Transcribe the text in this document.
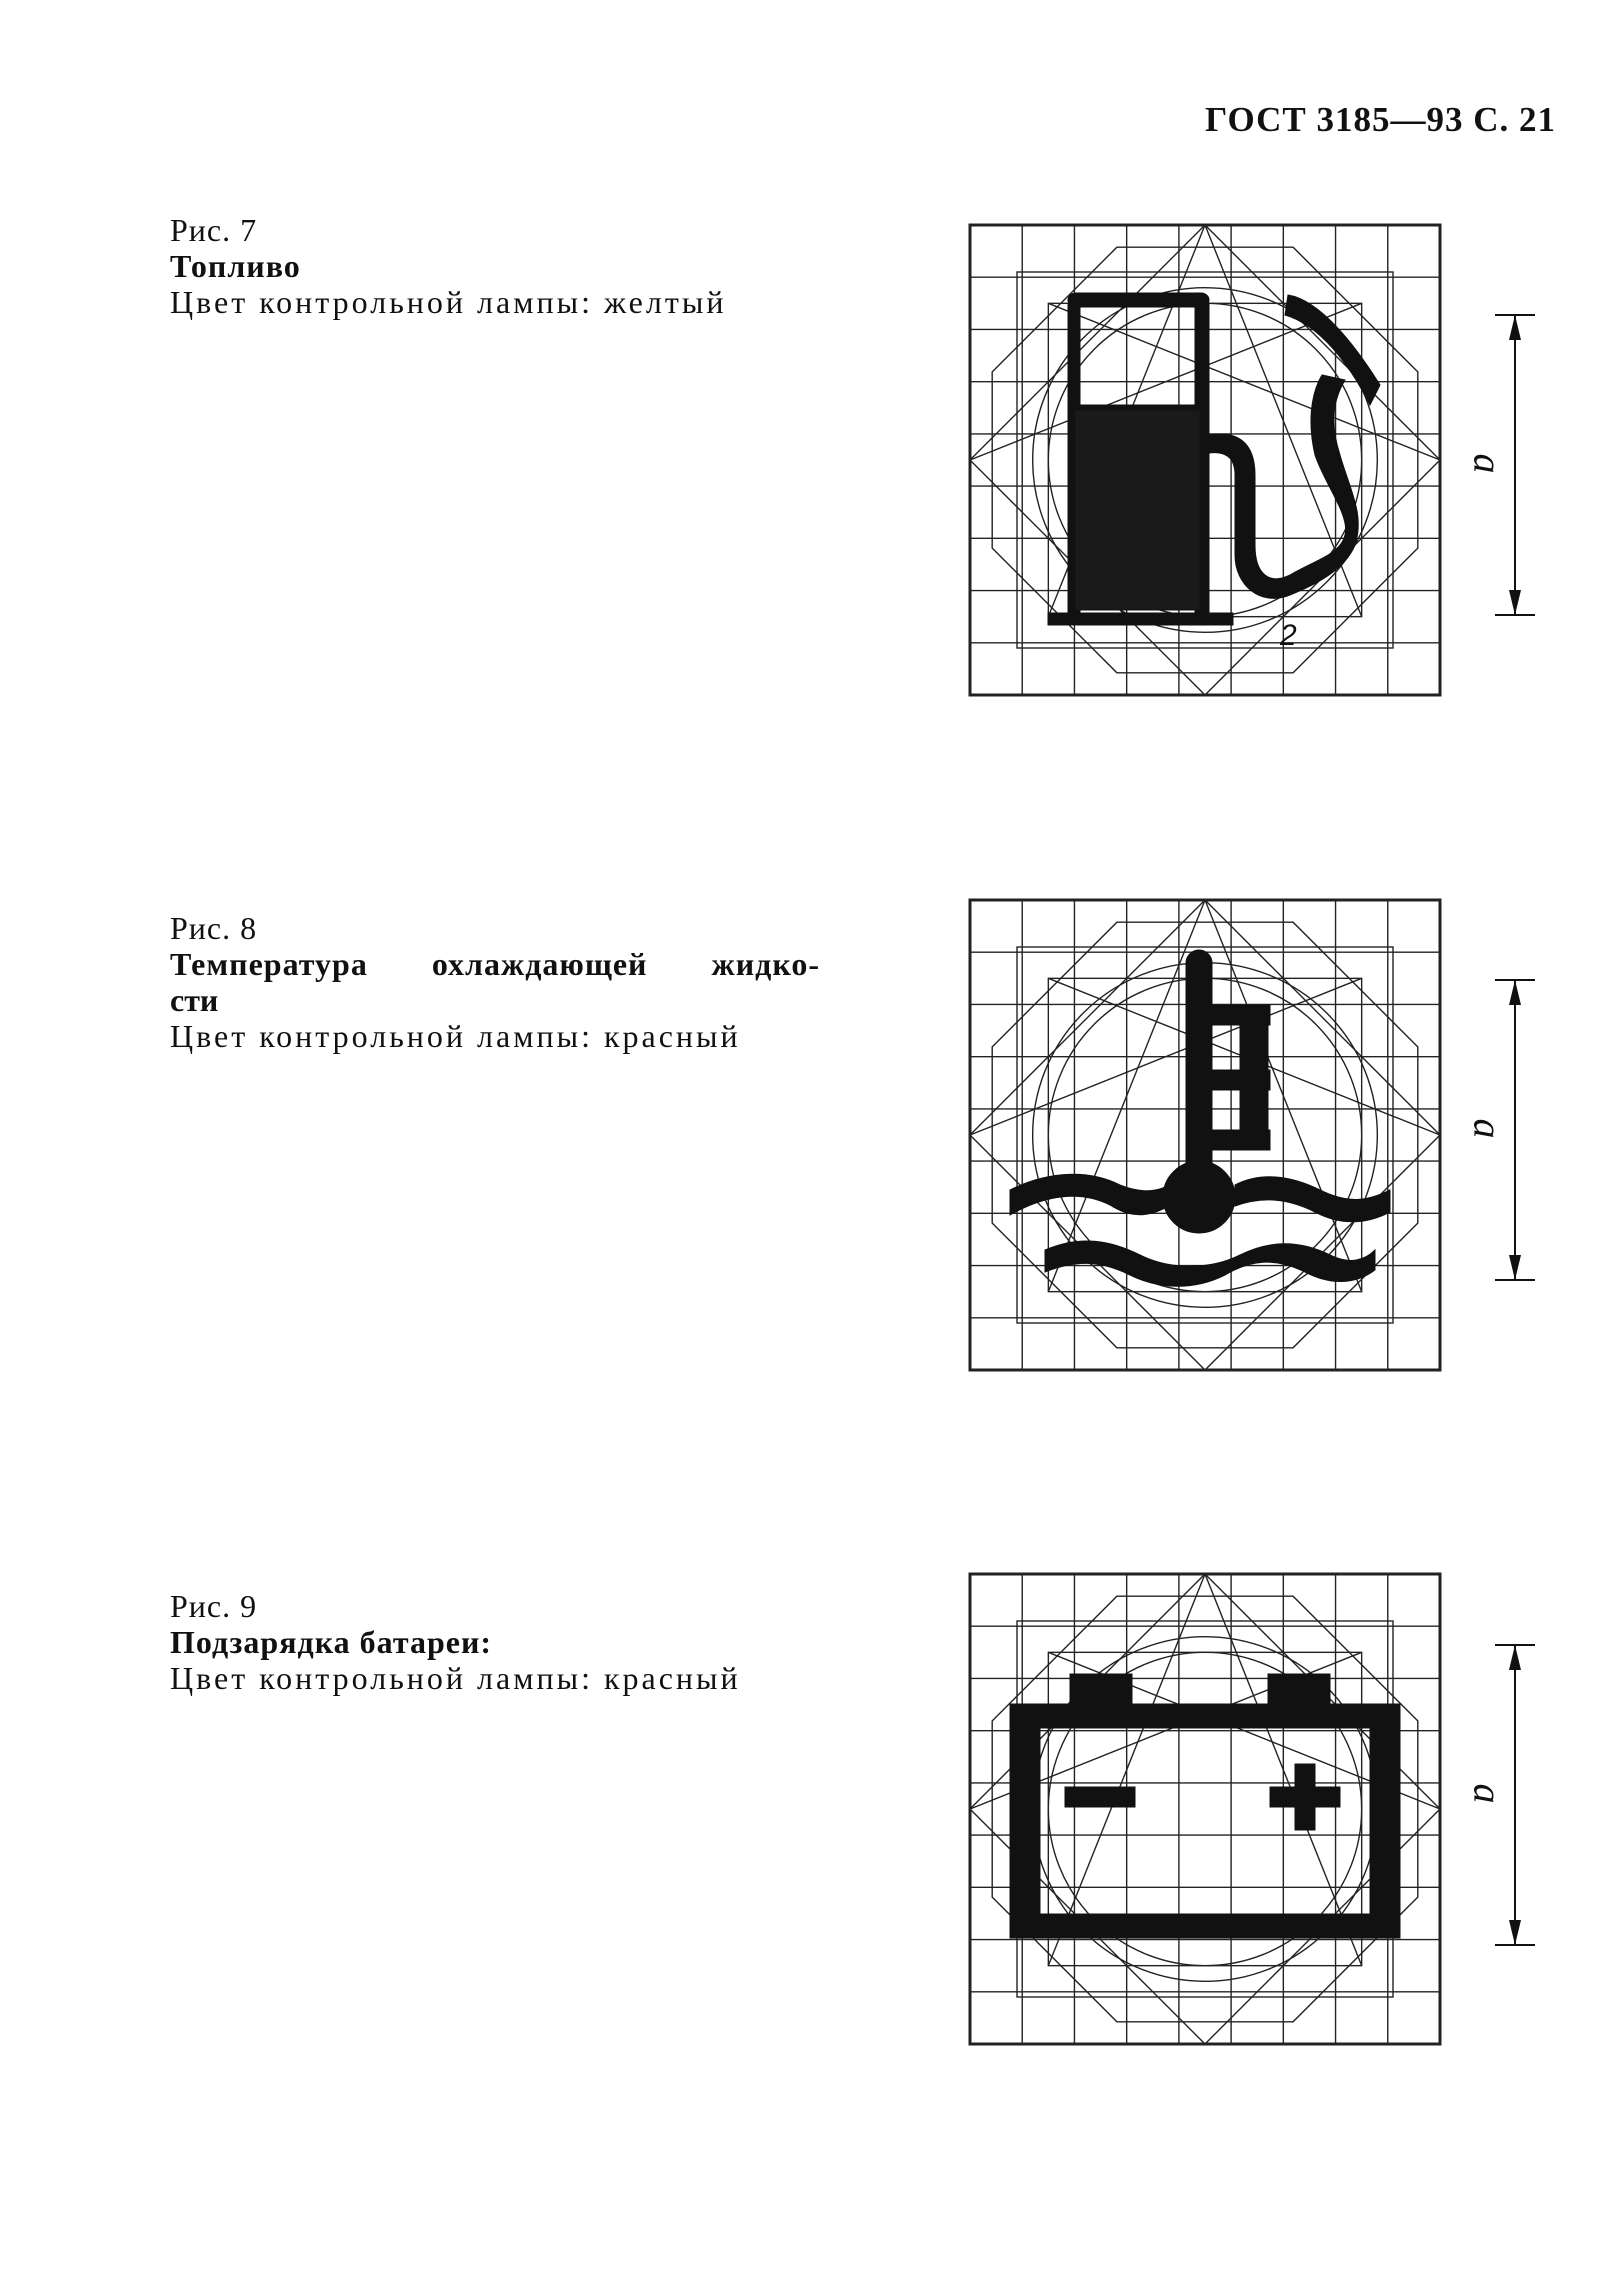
ГОСТ 3185—93 С. 21
Рис. 7
Топливо
Цвет контрольной лампы: желтый
Рис. 8
Температура охлаждающей жидко-
сти
Цвет контрольной лампы: красный
Рис. 9
Подзарядка батареи:
Цвет контрольной лампы: красный
2
a
a
a
